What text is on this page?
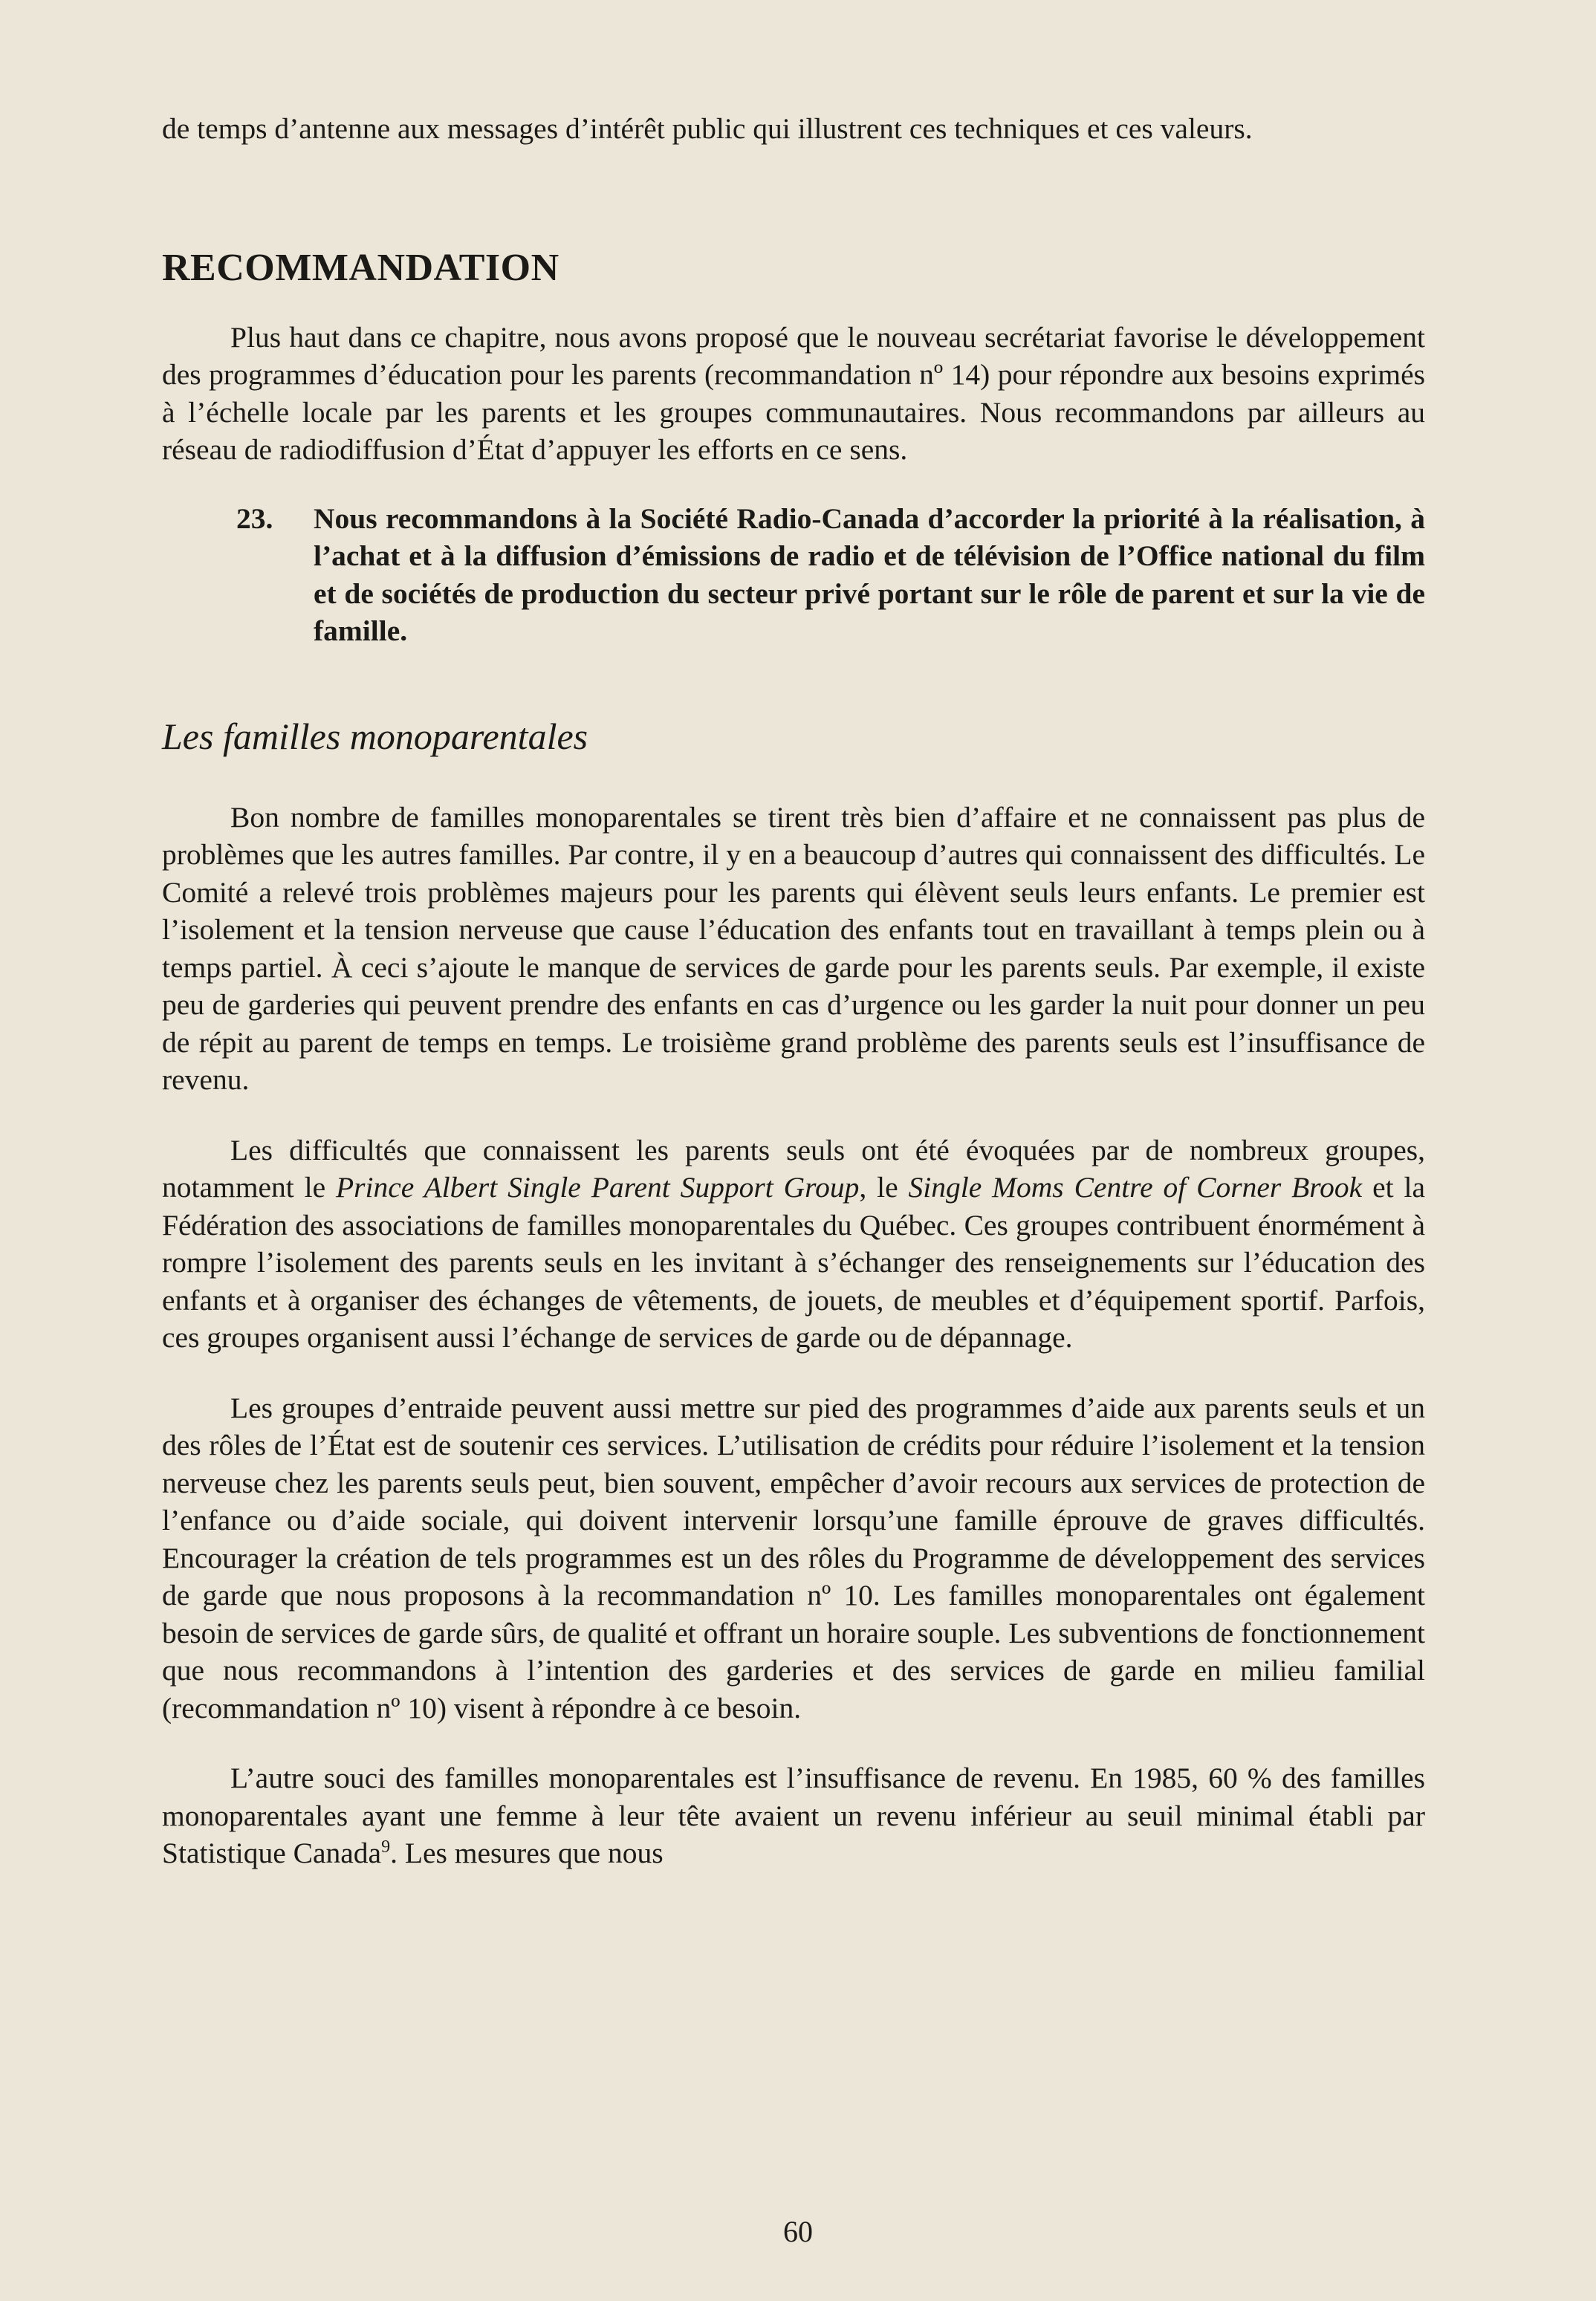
de temps d’antenne aux messages d’intérêt public qui illustrent ces techniques et ces valeurs.

RECOMMANDATION

Plus haut dans ce chapitre, nous avons proposé que le nouveau secrétariat favorise le développement des programmes d’éducation pour les parents (recommandation nº 14) pour répondre aux besoins exprimés à l’échelle locale par les parents et les groupes communautaires. Nous recommandons par ailleurs au réseau de radiodiffusion d’État d’appuyer les efforts en ce sens.

23.	Nous recommandons à la Société Radio-Canada d’accorder la priorité à la réalisation, à l’achat et à la diffusion d’émissions de radio et de télévision de l’Office national du film et de sociétés de production du secteur privé portant sur le rôle de parent et sur la vie de famille.
Les familles monoparentales

Bon nombre de familles monoparentales se tirent très bien d’affaire et ne connaissent pas plus de problèmes que les autres familles. Par contre, il y en a beaucoup d’autres qui connaissent des difficultés. Le Comité a relevé trois problèmes majeurs pour les parents qui élèvent seuls leurs enfants. Le premier est l’isolement et la tension nerveuse que cause l’éducation des enfants tout en travaillant à temps plein ou à temps partiel. À ceci s’ajoute le manque de services de garde pour les parents seuls. Par exemple, il existe peu de garderies qui peuvent prendre des enfants en cas d’urgence ou les garder la nuit pour donner un peu de répit au parent de temps en temps. Le troisième grand problème des parents seuls est l’insuffisance de revenu.

Les difficultés que connaissent les parents seuls ont été évoquées par de nombreux groupes, notamment le Prince Albert Single Parent Support Group, le Single Moms Centre of Corner Brook et la Fédération des associations de familles monoparentales du Québec. Ces groupes contribuent énormément à rompre l’isolement des parents seuls en les invitant à s’échanger des renseignements sur l’éducation des enfants et à organiser des échanges de vêtements, de jouets, de meubles et d’équipement sportif. Parfois, ces groupes organisent aussi l’échange de services de garde ou de dépannage.

Les groupes d’entraide peuvent aussi mettre sur pied des programmes d’aide aux parents seuls et un des rôles de l’État est de soutenir ces services. L’utilisation de crédits pour réduire l’isolement et la tension nerveuse chez les parents seuls peut, bien souvent, empêcher d’avoir recours aux services de protection de l’enfance ou d’aide sociale, qui doivent intervenir lorsqu’une famille éprouve de graves difficultés. Encourager la création de tels programmes est un des rôles du Programme de développement des services de garde que nous proposons à la recommandation nº 10. Les familles monoparentales ont également besoin de services de garde sûrs, de qualité et offrant un horaire souple. Les subventions de fonctionnement que nous recommandons à l’intention des garderies et des services de garde en milieu familial (recommandation nº 10) visent à répondre à ce besoin.

L’autre souci des familles monoparentales est l’insuffisance de revenu. En 1985, 60 % des familles monoparentales ayant une femme à leur tête avaient un revenu inférieur au seuil minimal établi par Statistique Canada$^9$. Les mesures que nous

60
